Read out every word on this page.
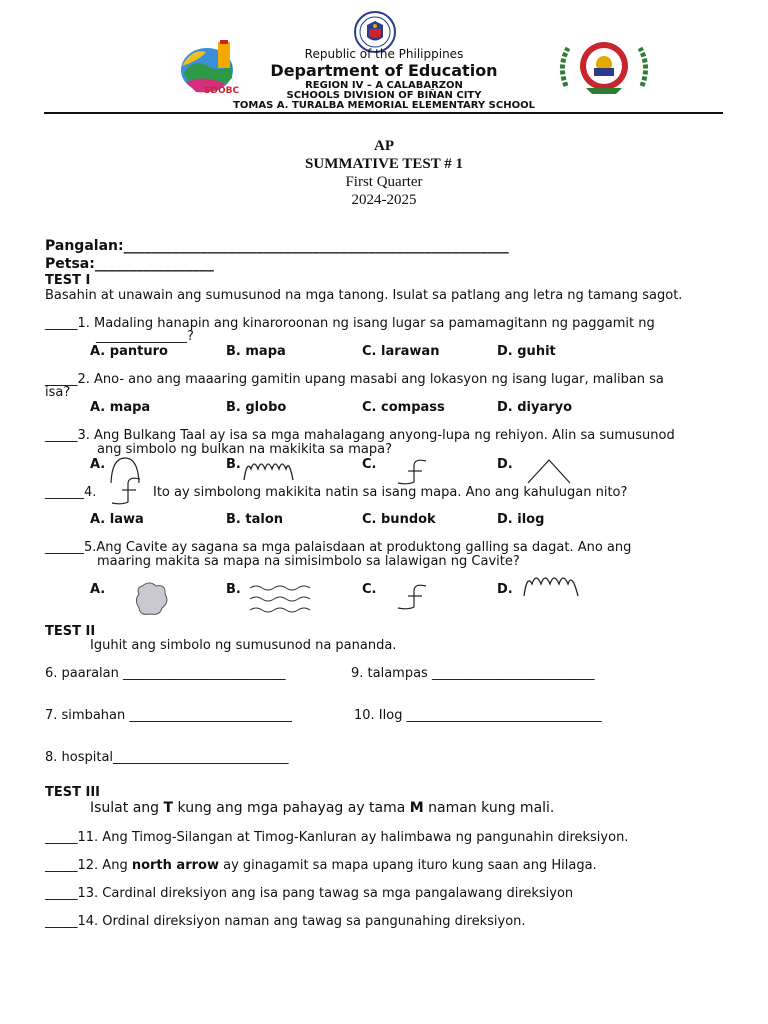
SDOBC
Republic of the Philippines
Department of Education
REGION IV – A CALABARZON
SCHOOLS DIVISION OF BIÑAN CITY
TOMAS A. TURALBA MEMORIAL ELEMENTARY SCHOOL
AP
SUMMATIVE TEST # 1
First Quarter
2024-2025
Pangalan:_______________________________________________________
Petsa:_________________
TEST I
Basahin at unawain ang sumusunod na mga tanong. Isulat sa patlang ang letra ng tamang sagot.
_____1. Madaling hanapin ang kinaroroonan ng isang lugar sa pamamagitann ng paggamit ng
______________?
A. panturo	B. mapa	C. larawan	D. guhit
_____2. Ano- ano ang maaaring gamitin upang masabi ang lokasyon ng isang lugar, maliban sa
isa?
A. mapa	B. globo	C. compass	D. diyaryo
_____3. Ang Bulkang Taal ay isa sa mga mahalagang anyong-lupa ng rehiyon. Alin sa sumusunod
ang simbolo ng bulkan na makikita sa mapa?
A.	B.	C.	D.
______4.	Ito ay simbolong makikita natin sa isang mapa. Ano ang kahulugan nito?
A. lawa	B. talon	C. bundok	D. ilog
______5.Ang Cavite ay sagana sa mga palaisdaan at produktong galling sa dagat. Ano ang
maaring makita sa mapa na simisimbolo sa lalawigan ng Cavite?
A.	B.	C.	D.
TEST II
Iguhit ang simbolo ng sumusunod na pananda.
6. paaralan _________________________	9. talampas _________________________
7. simbahan _________________________	10. Ilog ______________________________
8. hospital___________________________
TEST III
Isulat ang T kung ang mga pahayag ay tama M naman kung mali.
_____11. Ang Timog-Silangan at Timog-Kanluran ay halimbawa ng pangunahin direksiyon.
_____12. Ang north arrow ay ginagamit sa mapa upang ituro kung saan ang Hilaga.
_____13. Cardinal direksiyon ang isa pang tawag sa mga pangalawang direksiyon
_____14. Ordinal direksiyon naman ang tawag sa pangunahing direksiyon.
